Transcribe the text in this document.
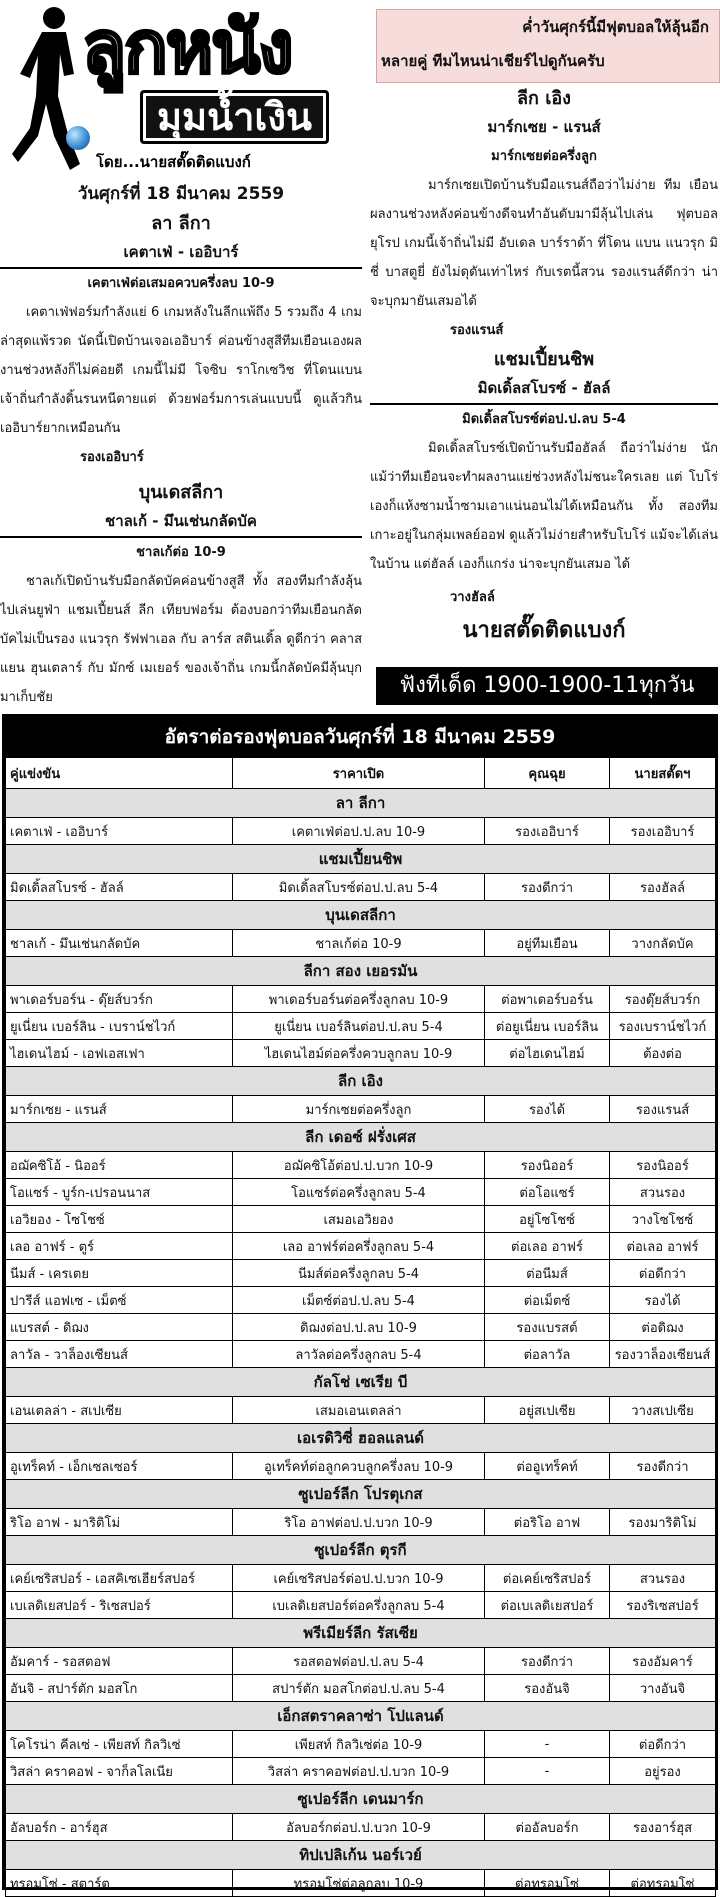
ลูกหนัง
มุมน้ำเงิน
โดย...นายสตั๊ดติดแบงก์
ค่ำวันศุกร์นี้มีฟุตบอลให้ลุ้นอีก
หลายคู่ ทีมไหนน่าเชียร์ไปดูกันครับ
วันศุกร์ที่ 18 มีนาคม 2559
ลา ลีกา
เคตาเฟ่ - เออิบาร์
เคตาเฟ่ต่อเสมอควบครึ่งลบ 10-9

เคตาเฟ่ฟอร์มกำลังแย่ 6 เกมหลังในลีกแพ้ถึง 5 รวมถึง 4 เกมล่าสุดแพ้รวด นัดนี้เปิดบ้านเจอเออิบาร์ ค่อนข้างสูสีทีมเยือนเองผลงานช่วงหลังก็ไม่ค่อยดี เกมนี้ไม่มี โจซิบ ราโกเซวิช ที่โดนแบน เจ้าถิ่นกำลังดิ้นรนหนีตายแต่ ด้วยฟอร์มการเล่นแบบนี้ ดูแล้วกินเออิบาร์ยากเหมือนกัน

รองเออิบาร์
บุนเดสลีกา
ชาลเก้ - มึนเช่นกลัดบัค
ชาลเก้ต่อ 10-9

ชาลเก้เปิดบ้านรับมือกลัดบัคค่อนข้างสูสี ทั้ง สองทีมกำลังลุ้นไปเล่นยูฟ่า แชมเปี้ยนส์ ลีก เทียบฟอร์ม ต้องบอกว่าทีมเยือนกลัดบัคไม่เป็นรอง แนวรุก รัฟฟาเอล กับ ลาร์ส สตินเดิ้ล ดูดีกว่า คลาส แยน ฮุนเตลาร์ กับ มักซ์ เมเยอร์ ของเจ้าถิ่น เกมนี้กลัดบัคมีลุ้นบุกมาเก็บชัย

ลีก เอิง
มาร์กเซย - แรนส์
มาร์กเซยต่อครึ่งลูก

มาร์กเซยเปิดบ้านรับมือแรนส์ถือว่าไม่ง่าย ทีม เยือนผลงานช่วงหลังค่อนข้างดีจนทำอันดับมามีลุ้นไปเล่น ฟุตบอลยุโรป เกมนี้เจ้าถิ่นไม่มี อับเดล บาร์ราด้า ที่โดน แบน แนวรุก มิชี่ บาสตูยี่ ยังไม่ดุดันเท่าไหร่ กับเรตนี้สวน รองแรนส์ดีกว่า น่าจะบุกมายันเสมอได้

รองแรนส์
แชมเปี้ยนชิพ
มิดเดิ้ลสโบรซ์ - ฮัลล์
มิดเดิ้ลสโบรซ์ต่อป.ป.ลบ 5-4

มิดเดิ้ลสโบรซ์เปิดบ้านรับมือฮัลล์ ถือว่าไม่ง่าย นักแม้ว่าทีมเยือนจะทำผลงานแย่ช่วงหลังไม่ชนะใครเลย แต่ โบโร่เองก็แห้งซามน้ำซามเอาแน่นอนไม่ได้เหมือนกัน ทั้ง สองทีมเกาะอยู่ในกลุ่มเพลย์ออฟ ดูแล้วไม่ง่ายสำหรับโบโร่ แม้จะได้เล่นในบ้าน แต่ฮัลล์ เองก็แกร่ง น่าจะบุกยันเสมอ ได้

วางฮัลล์
นายสตั๊ดติดแบงก์
ฟังทีเด็ด 1900-1900-11ทุกวัน
อัตราต่อรองฟุตบอลวันศุกร์ที่ 18 มีนาคม 2559
คู่แข่งขัน	ราคาเปิด	คุณฉุย	นายสตั๊ดฯ
ลา ลีกา			
เคตาเฟ่ - เออิบาร์	เคตาเฟ่ต่อป.ป.ลบ 10-9	รองเออิบาร์	รองเออิบาร์
แชมเปี้ยนชิพ			
มิดเดิ้ลสโบรซ์ - ฮัลล์	มิดเดิ้ลสโบรซ์ต่อป.ป.ลบ 5-4	รองดีกว่า	รองฮัลล์
บุนเดสลีกา			
ชาลเก้ - มึนเช่นกลัดบัค	ชาลเก้ต่อ 10-9	อยู่ทีมเยือน	วางกลัดบัค
ลีกา สอง เยอรมัน			
พาเดอร์บอร์น - ดุ๊ยส์บวร์ก	พาเดอร์บอร์นต่อครึ่งลูกลบ 10-9	ต่อพาเดอร์บอร์น	รองดุ๊ยส์บวร์ก
ยูเนี่ยน เบอร์ลิน - เบราน์ชไวก์	ยูเนี่ยน เบอร์ลินต่อป.ป.ลบ 5-4	ต่อยูเนี่ยน เบอร์ลิน	รองเบราน์ชไวก์
ไฮเดนไฮม์ - เอฟเอสเฟา	ไฮเดนไฮม์ต่อครึ่งควบลูกลบ 10-9	ต่อไฮเดนไฮม์	ต้องต่อ
ลีก เอิง			
มาร์กเซย - แรนส์	มาร์กเซยต่อครึ่งลูก	รองได้	รองแรนส์
ลีก เดอซ์ ฝรั่งเศส			
อฌัคซิโอ้ - นิออร์	อฌัคซิโอ้ต่อป.ป.บวก 10-9	รองนิออร์	รองนิออร์
โอแซร์ - บูร์ก-เปรอนนาส	โอแซร์ต่อครึ่งลูกลบ 5-4	ต่อโอแซร์	สวนรอง
เอวิยอง - โซโชซ์	เสมอเอวิยอง	อยู่โซโชซ์	วางโซโชซ์
เลอ อาฟร์ - ตูร์	เลอ อาฟร์ต่อครึ่งลูกลบ 5-4	ต่อเลอ อาฟร์	ต่อเลอ อาฟร์
นีมส์ - เครเตย	นีมส์ต่อครึ่งลูกลบ 5-4	ต่อนีมส์	ต่อดีกว่า
ปารีส์ แอฟเซ - เม็ตซ์	เม็ตซ์ต่อป.ป.ลบ 5-4	ต่อเม็ตซ์	รองได้
แบรสต์ - ดิฌง	ดิฌงต่อป.ป.ลบ 10-9	รองแบรสต์	ต่อดิฌง
ลาวัล - วาล็องเซียนส์	ลาวัลต่อครึ่งลูกลบ 5-4	ต่อลาวัล	รองวาล็องเซียนส์
กัลโช่ เซเรีย บี			
เอนเตลล่า - สเปเซีย	เสมอเอนเตลล่า	อยู่สเปเซีย	วางสเปเซีย
เอเรดิวิซี่ ฮอลแลนด์			
อูเทร็คท์ - เอ็กเซลเซอร์	อูเทร็คท์ต่อลูกควบลูกครึ่งลบ 10-9	ต่ออูเทร็คท์	รองดีกว่า
ซูเปอร์ลีก โปรตุเกส			
ริโอ อาฟ - มาริติโม่	ริโอ อาฟต่อป.ป.บวก 10-9	ต่อริโอ อาฟ	รองมาริติโม่
ซูเปอร์ลีก ตุรกี			
เคย์เซริสปอร์ - เอสคิเซเฮียร์สปอร์	เคย์เซริสปอร์ต่อป.ป.บวก 10-9	ต่อเคย์เซริสปอร์	สวนรอง
เบเลดิเยสปอร์ - ริเซสปอร์	เบเลดิเยสปอร์ต่อครึ่งลูกลบ 5-4	ต่อเบเลดิเยสปอร์	รองริเซสปอร์
พรีเมียร์ลีก รัสเซีย			
อัมคาร์ - รอสตอฟ	รอสตอฟต่อป.ป.ลบ 5-4	รองดีกว่า	รองอัมคาร์
อันจิ - สปาร์ตัก มอสโก	สปาร์ตัก มอสโกต่อป.ป.ลบ 5-4	รองอันจิ	วางอันจิ
เอ็กสตราคลาซ่า โปแลนด์			
โคโรน่า คีลเซ่ - เพียสท์ กิลวิเซ่	เพียสท์ กิลวิเซ่ต่อ 10-9	-	ต่อดีกว่า
วิสล่า คราคอฟ - จาก็ลโลเนีย	วิสล่า คราคอฟต่อป.ป.บวก 10-9	-	อยู่รอง
ซูเปอร์ลีก เดนมาร์ก			
อัลบอร์ก - อาร์ฮุส	อัลบอร์กต่อป.ป.บวก 10-9	ต่ออัลบอร์ก	รองอาร์ฮุส
ทิปเปลิเก้น นอร์เวย์			
ทรอมโซ่ - สตาร์ต	ทรอมโซ่ต่อลูกลบ 10-9	ต่อทรอมโซ่	ต่อทรอมโซ่
